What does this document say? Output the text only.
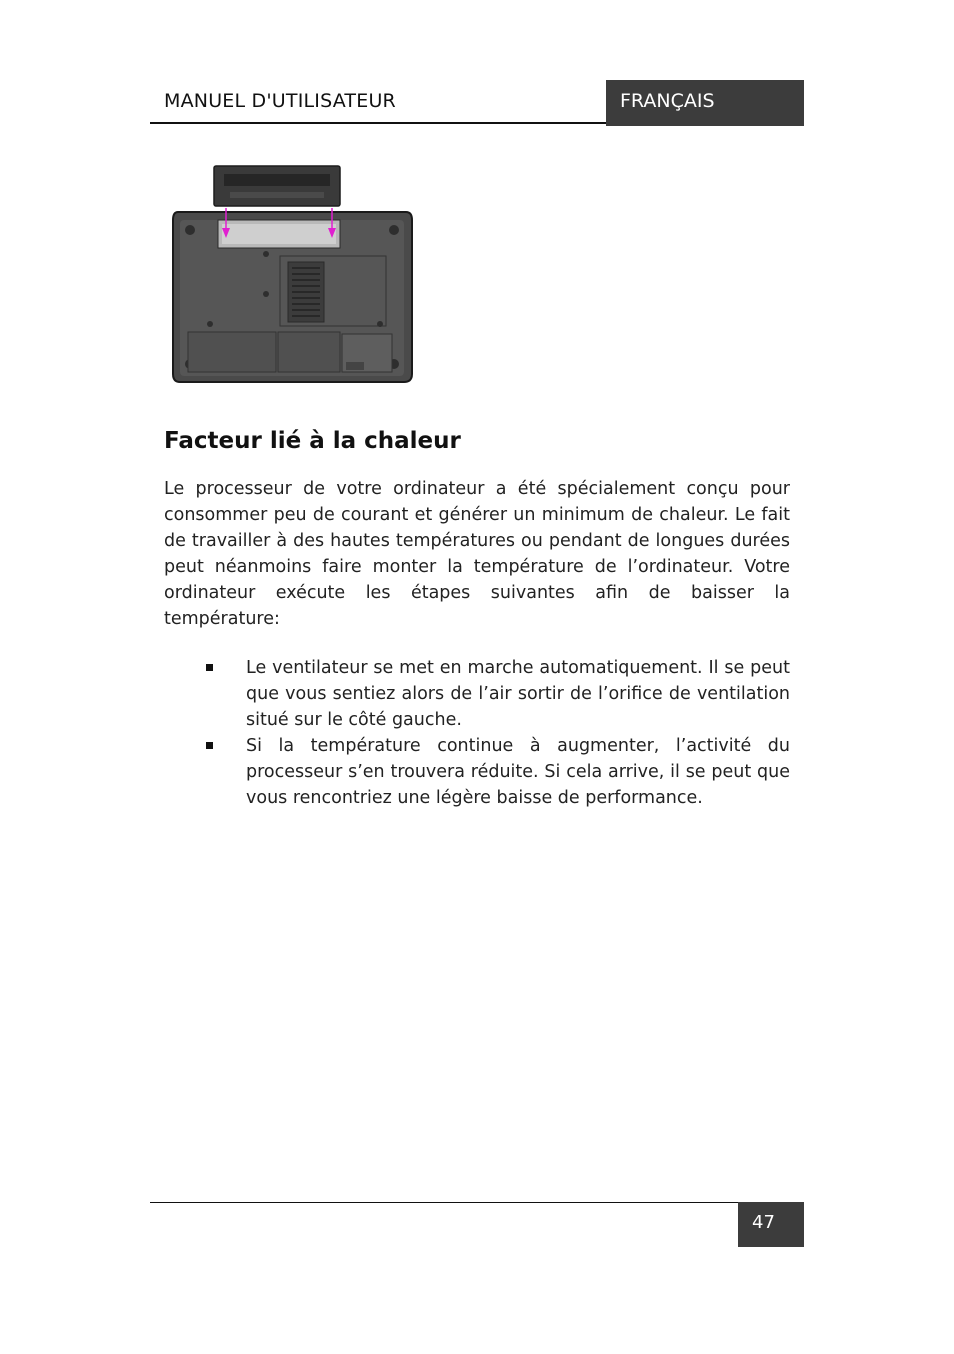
MANUEL D'UTILISATEUR	FRANÇAIS
Facteur lié à la chaleur

Le processeur de votre ordinateur a été spécialement conçu pour consommer peu de courant et générer un minimum de chaleur. Le fait de travailler à des hautes températures ou pendant de longues durées peut néanmoins faire monter la température de l’ordinateur. Votre ordinateur exécute les étapes suivantes afin de baisser la température:

Le ventilateur se met en marche automatiquement. Il se peut que vous sentiez alors de l’air sortir de l’orifice de ventilation situé sur le côté gauche.
Si la température continue à augmenter, l’activité du processeur s’en trouvera réduite. Si cela arrive, il se peut que vous rencontriez une légère baisse de performance.
47
